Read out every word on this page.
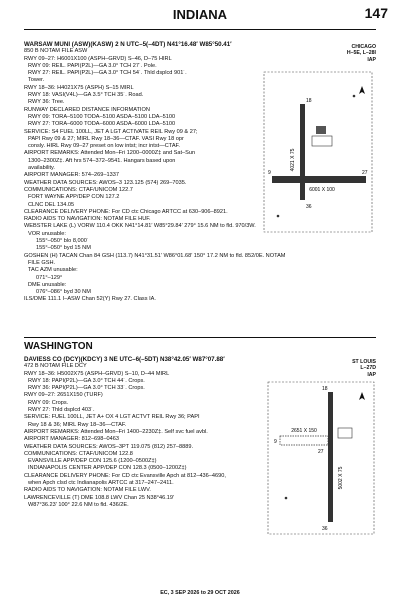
INDIANA	147
WARSAW MUNI (ASW)(KASW) 2 N UTC–5(–4DT) N41°16.48′ W85°50.41′
850 B NOTAM FILE ASW
RWY 09–27: H6001X100 (ASPH–GRVD) S–46, D–75 HIRL
RWY 09: REIL. PAPI(P2L)—GA 3.0° TCH 27´. Pole.
RWY 27: REIL. PAPI(P2L)—GA 3.0° TCH 54´. Thld dsplcd 901´.
Tower.
RWY 18–36: H4021X75 (ASPH) S–15 MIRL
RWY 18: VASI(V4L)—GA 3.5° TCH 35´. Road.
RWY 36: Tree.
RUNWAY DECLARED DISTANCE INFORMATION
RWY 09: TORA–5100 TODA–5100 ASDA–5100 LDA–5100
RWY 27: TORA–6000 TODA–6000 ASDA–6000 LDA–5100
SERVICE: S4 FUEL 100LL, JET A LGT ACTIVATE REIL Rwy 09 & 27;
PAPI Rwy 09 & 27; MIRL Rwy 18–36—CTAF. VASI Rwy 18 opr
consly. HIRL Rwy 09–27 preset on low intst; incr intst—CTAF.
AIRPORT REMARKS: Attended Mon–Fri 1200–0000Z‡ and Sat–Sun
1300–2300Z‡. Aft hrs 574–372–9541. Hangars based upon
availability.
AIRPORT MANAGER: 574–269–1337
WEATHER DATA SOURCES: AWOS–3 123.125 (574) 269–7035.
COMMUNICATIONS: CTAF/UNICOM 122.7
FORT WAYNE APP/DEP CON 127.2
CLNC DEL 134.05
CLEARANCE DELIVERY PHONE: For CD ctc Chicago ARTCC at 630–906–8921.
RADIO AIDS TO NAVIGATION: NOTAM FILE HUF.
WEBSTER LAKE (L) VORW 110.4 OKK N41°14.81′ W85°29.84′ 279° 15.6 NM to fld. 970/3W.
VOR unusable:
155°–050° blo 8,000´
155°–050° byd 15 NM
GOSHEN (H) TACAN Chan 84 GSH (113.7) N41°31.51′ W86°01.68′ 150° 17.2 NM to fld. 852/0E. NOTAM
FILE GSH.
TAC AZM unusable:
071°–129°
DME unusable:
076°–086° byd 30 NM
ILS/DME 111.1 I–ASW Chan 52(Y) Rwy 27. Class IA.
CHICAGO
H–5E, L–28I
IAP
6001 X 100
4021 X 75
9	27
18
36
WASHINGTON
DAVIESS CO (DCY)(KDCY) 3 NE UTC–6(–5DT) N38°42.05′ W87°07.88′
472 B NOTAM FILE DCY
RWY 18–36: H5002X75 (ASPH–GRVD) S–10, D–44 MIRL
RWY 18: PAPI(P2L)—GA 3.0° TCH 44´. Crops.
RWY 36: PAPI(P2L)—GA 3.0° TCH 33´. Crops.
RWY 09–27: 2651X150 (TURF)
RWY 09: Crops.
RWY 27: Thld dsplcd 403´.
SERVICE: FUEL 100LL, JET A+ OX 4 LGT ACTVT REIL Rwy 36; PAPI
Rwy 18 & 36; MIRL Rwy 18–36—CTAF.
AIRPORT REMARKS: Attended Mon–Fri 1400–2230Z‡. Self svc fuel avbl.
AIRPORT MANAGER: 812–698–0463
WEATHER DATA SOURCES: AWOS–3PT 119.075 (812) 257–8889.
COMMUNICATIONS: CTAF/UNICOM 122.8
EVANSVILLE APP/DEP CON 125.6 (1200–0500Z‡)
INDIANAPOLIS CENTER APP/DEP CON 128.3 (0500–1200Z‡)
CLEARANCE DELIVERY PHONE: For CD ctc Evansville Apch at 812–436–4690,
when Apch clsd ctc Indianapolis ARTCC at 317–247–2411.
RADIO AIDS TO NAVIGATION: NOTAM FILE LWV.
LAWRENCEVILLE (T) DME 108.8 LWV Chan 25 N38°46.19′
W87°36.23′ 100° 22.6 NM to fld. 436/2E.
ST LOUIS
L–27D
IAP
2651 X 150
5002 X 75
9
27
18
36
EC, 3 SEP 2026 to 29 OCT 2026
